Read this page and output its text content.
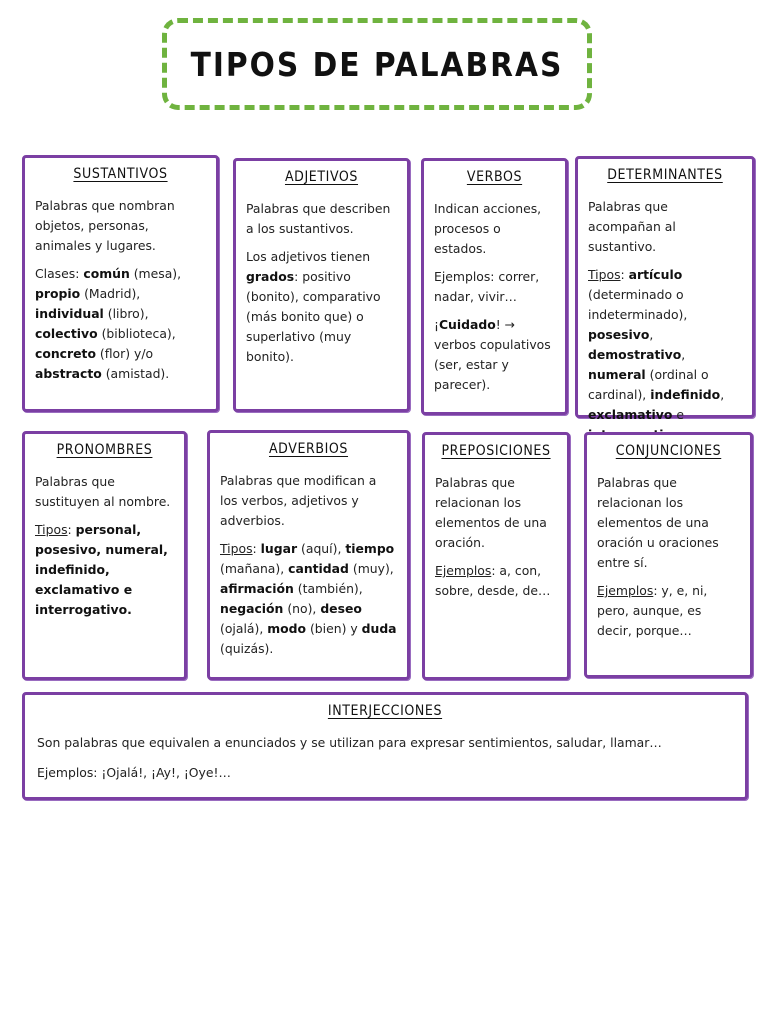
TIPOS DE PALABRAS
SUSTANTIVOS

Palabras que nombran objetos, personas, animales y lugares.

Clases: común (mesa), propio (Madrid), individual (libro), colectivo (biblioteca), concreto (flor) y/o abstracto (amistad).

ADJETIVOS

Palabras que describen a los sustantivos.

Los adjetivos tienen grados: positivo (bonito), comparativo (más bonito que) o superlativo (muy bonito).

VERBOS

Indican acciones, procesos o estados.

Ejemplos: correr, nadar, vivir…

¡Cuidado! → verbos copulativos (ser, estar y parecer).

DETERMINANTES

Palabras que acompañan al sustantivo.

Tipos: artículo (determinado o indeterminado), posesivo, demostrativo, numeral (ordinal o cardinal), indefinido, exclamativo e

PRONOMBRES

Palabras que sustituyen al nombre.

Tipos: personal, posesivo, numeral, indefinido, exclamativo e interrogativo.

ADVERBIOS

Palabras que modifican a los verbos, adjetivos y adverbios.

Tipos: lugar (aquí), tiempo (mañana), cantidad (muy), afirmación (también), negación (no), deseo (ojalá), modo (bien) y duda (quizás).

PREPOSICIONES

Palabras que relacionan los elementos de una oración.

Ejemplos: a, con, sobre, desde, de…

CONJUNCIONES

Palabras que relacionan los elementos de una oración u oraciones entre sí.

Ejemplos: y, e, ni, pero, aunque, es decir, porque…

INTERJECCIONES

Son palabras que equivalen a enunciados y se utilizan para expresar sentimientos, saludar, llamar…

Ejemplos: ¡Ojalá!, ¡Ay!, ¡Oye!…
